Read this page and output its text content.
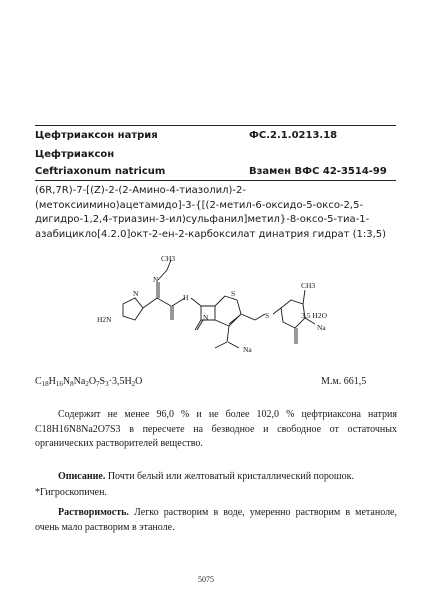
Цефтриаксон натрия	ФС.2.1.0213.18
Цефтриаксон
Ceftriaxonum natricum	Взамен ВФС 42-3514-99
(6R,7R)-7-[(Z)-2-(2-Амино-4-тиазолил)-2-(метоксиимино)ацетамидо]-3-{[(2-метил-6-оксидо-5-оксо-2,5-дигидро-1,2,4-триазин-3-ил)сульфанил]метил}-8-оксо-5-тиа-1-азабицикло[4.2.0]окт-2-ен-2-карбоксилат динатрия гидрат (1:3,5)
CH3
N
H2N
N	H
N
S
S
CH3
Na
Na
3,5 H2O
$C_{18}H_{16}N_8Na_2O_7S_3\cdot 3,5H_2O$	М.м. 661,5
Содержит не менее 96,0 % и не более 102,0 % цефтриаксона натрия C18H16N8Na2O7S3 в пересчете на безводное и свободное от остаточных органических растворителей вещество.
Описание. Почти белый или желтоватый кристаллический порошок.
*Гигроскопичен.
Растворимость. Легко растворим в воде, умеренно растворим в метаноле, очень мало растворим в этаноле.
5075
